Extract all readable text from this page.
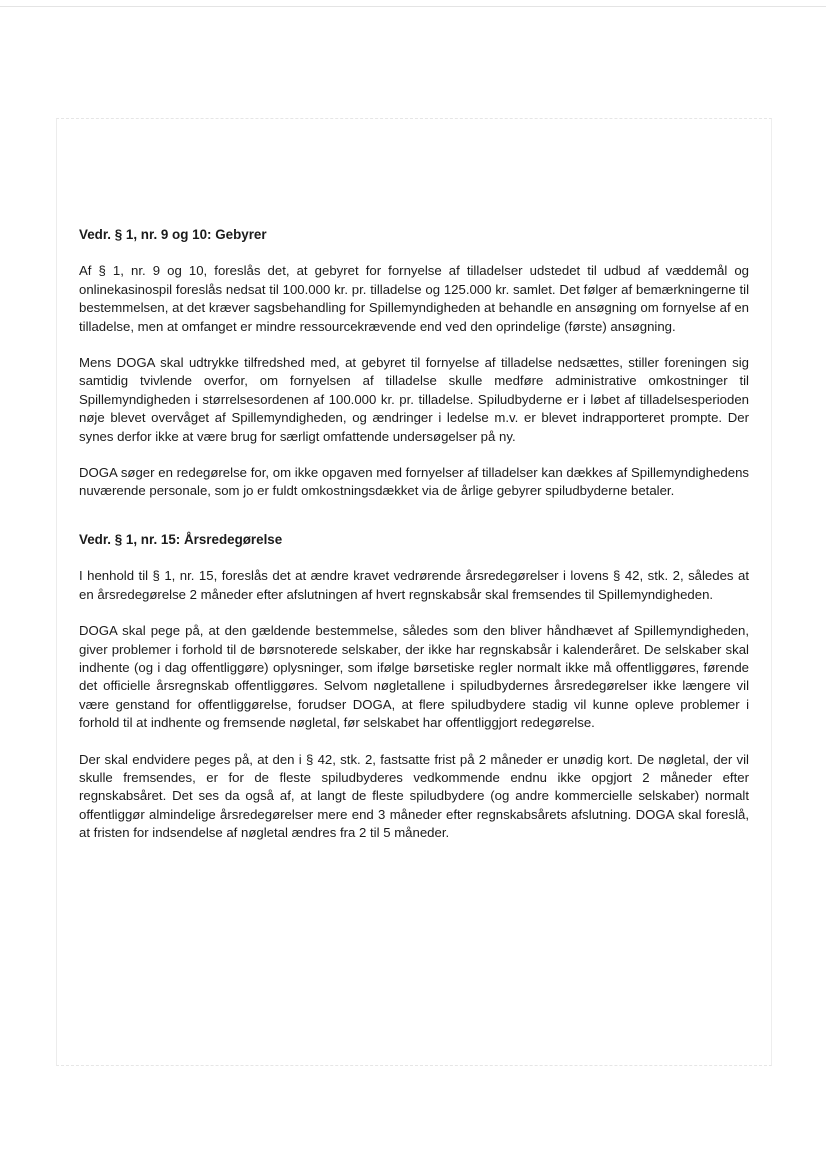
Vedr. § 1, nr. 9 og 10: Gebyrer

Af § 1, nr. 9 og 10, foreslås det, at gebyret for fornyelse af tilladelser udstedet til udbud af væddemål og onlinekasinospil foreslås nedsat til 100.000 kr. pr. tilladelse og 125.000 kr. samlet. Det følger af bemærkningerne til bestemmelsen, at det kræver sagsbehandling for Spillemyndigheden at behandle en ansøgning om fornyelse af en tilladelse, men at omfanget er mindre ressourcekrævende end ved den oprindelige (første) ansøgning.

Mens DOGA skal udtrykke tilfredshed med, at gebyret til fornyelse af tilladelse nedsættes, stiller foreningen sig samtidig tvivlende overfor, om fornyelsen af tilladelse skulle medføre administrative omkostninger til Spillemyndigheden i størrelsesordenen af 100.000 kr. pr. tilladelse. Spiludbyderne er i løbet af tilladelsesperioden nøje blevet overvåget af Spillemyndigheden, og ændringer i ledelse m.v. er blevet indrapporteret prompte. Der synes derfor ikke at være brug for særligt omfattende undersøgelser på ny.

DOGA søger en redegørelse for, om ikke opgaven med fornyelser af tilladelser kan dækkes af Spillemyndighedens nuværende personale, som jo er fuldt omkostningsdækket via de årlige gebyrer spiludbyderne betaler.

Vedr. § 1, nr. 15: Årsredegørelse

I henhold til § 1, nr. 15, foreslås det at ændre kravet vedrørende årsredegørelser i lovens § 42, stk. 2, således at en årsredegørelse 2 måneder efter afslutningen af hvert regnskabsår skal fremsendes til Spillemyndigheden.

DOGA skal pege på, at den gældende bestemmelse, således som den bliver håndhævet af Spillemyndigheden, giver problemer i forhold til de børsnoterede selskaber, der ikke har regnskabsår i kalenderåret. De selskaber skal indhente (og i dag offentliggøre) oplysninger, som ifølge børsetiske regler normalt ikke må offentliggøres, førende det officielle årsregnskab offentliggøres. Selvom nøgletallene i spiludbydernes årsredegørelser ikke længere vil være genstand for offentliggørelse, forudser DOGA, at flere spiludbydere stadig vil kunne opleve problemer i forhold til at indhente og fremsende nøgletal, før selskabet har offentliggjort redegørelse.

Der skal endvidere peges på, at den i § 42, stk. 2, fastsatte frist på 2 måneder er unødig kort. De nøgletal, der vil skulle fremsendes, er for de fleste spiludbyderes vedkommende endnu ikke opgjort 2 måneder efter regnskabsåret. Det ses da også af, at langt de fleste spiludbydere (og andre kommercielle selskaber) normalt offentliggør almindelige årsredegørelser mere end 3 måneder efter regnskabsårets afslutning. DOGA skal foreslå, at fristen for indsendelse af nøgletal ændres fra 2 til 5 måneder.
